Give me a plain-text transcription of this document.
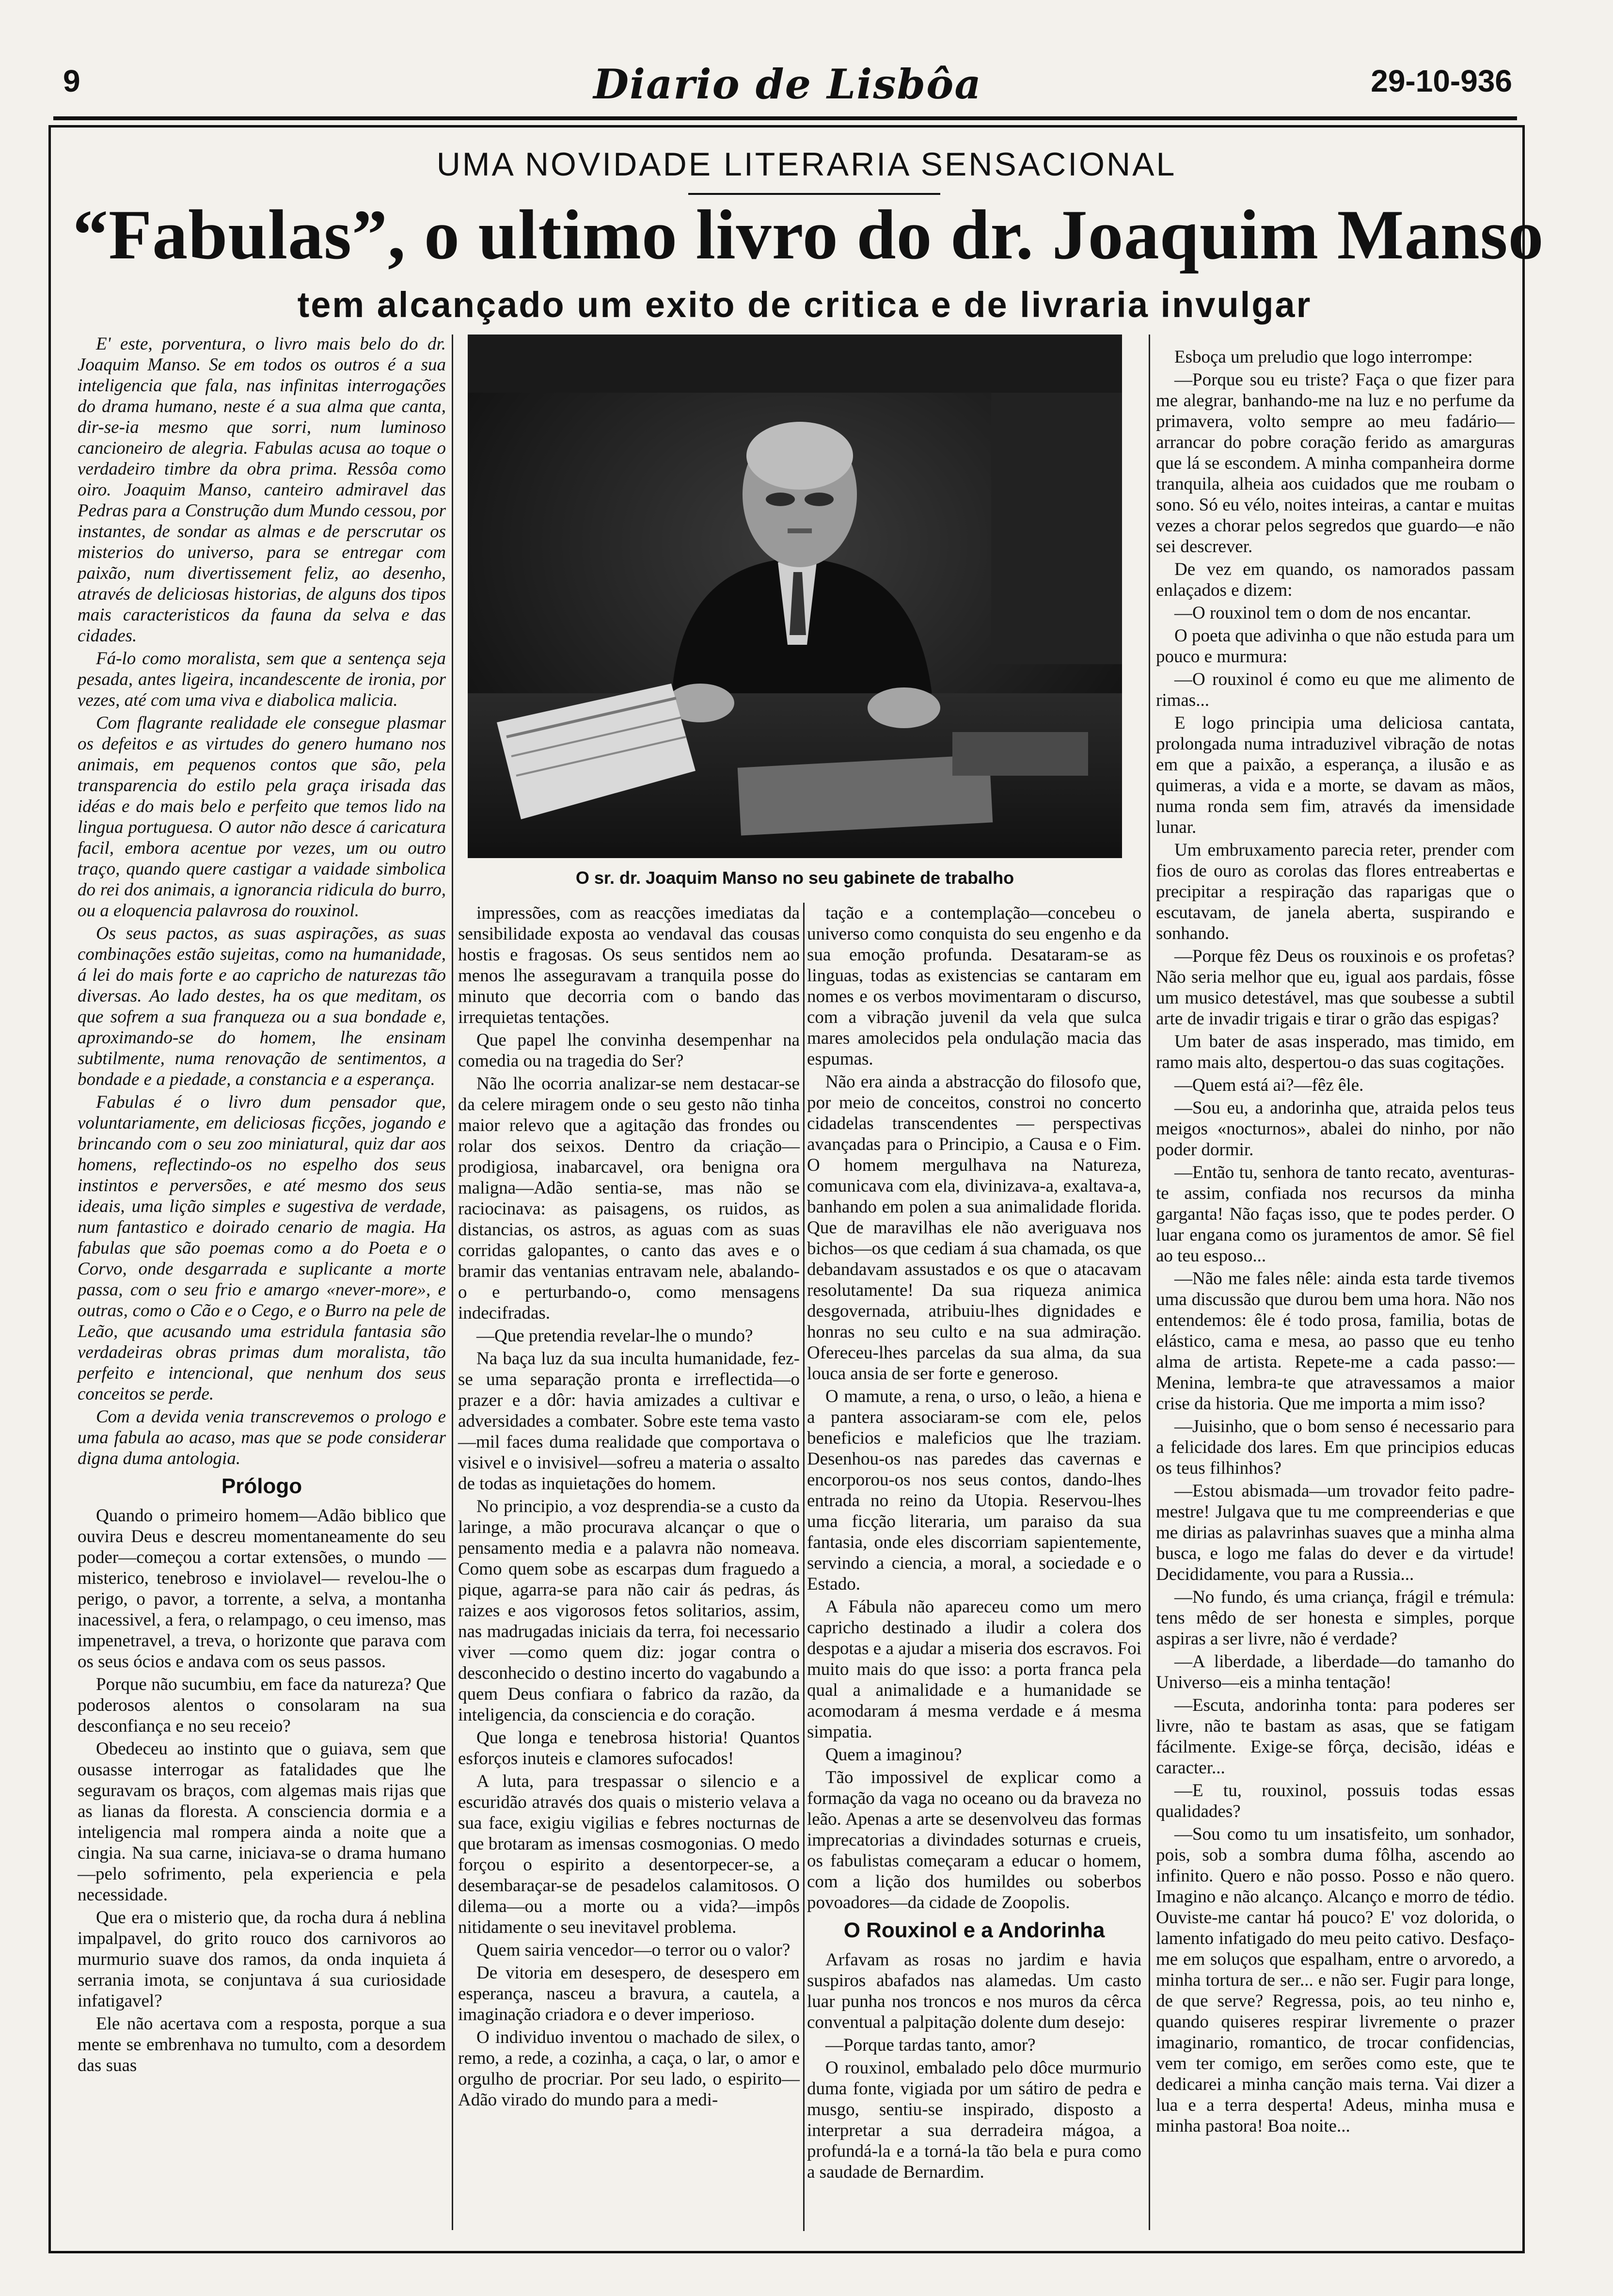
9	Diario de Lisbôa	29-10-936
UMA NOVIDADE LITERARIA SENSACIONAL
“Fabulas”, o ultimo livro do dr. Joaquim Manso
tem alcançado um exito de critica e de livraria invulgar
O sr. dr. Joaquim Manso no seu gabinete de trabalho

E' este, porventura, o livro mais belo do dr. Joaquim Manso. Se em todos os outros é a sua inteligencia que fala, nas infinitas interrogações do drama humano, neste é a sua alma que canta, dir-se-ia mesmo que sorri, num luminoso cancioneiro de alegria. Fabulas acusa ao toque o verdadeiro timbre da obra prima. Ressôa como oiro. Joaquim Manso, canteiro admiravel das Pedras para a Construção dum Mundo cessou, por instantes, de sondar as almas e de perscrutar os misterios do universo, para se entregar com paixão, num divertissement feliz, ao desenho, através de deliciosas historias, de alguns dos tipos mais caracteristicos da fauna da selva e das cidades.

Fá-lo como moralista, sem que a sentença seja pesada, antes ligeira, incandescente de ironia, por vezes, até com uma viva e diabolica malicia.

Com flagrante realidade ele consegue plasmar os defeitos e as virtudes do genero humano nos animais, em pequenos contos que são, pela transparencia do estilo pela graça irisada das idéas e do mais belo e perfeito que temos lido na lingua portuguesa. O autor não desce á caricatura facil, embora acentue por vezes, um ou outro traço, quando quere castigar a vaidade simbolica do rei dos animais, a ignorancia ridicula do burro, ou a eloquencia palavrosa do rouxinol.

Os seus pactos, as suas aspirações, as suas combinações estão sujeitas, como na humanidade, á lei do mais forte e ao capricho de naturezas tão diversas. Ao lado destes, ha os que meditam, os que sofrem a sua franqueza ou a sua bondade e, aproximando-se do homem, lhe ensinam subtilmente, numa renovação de sentimentos, a bondade e a piedade, a constancia e a esperança.

Fabulas é o livro dum pensador que, voluntariamente, em deliciosas ficções, jogando e brincando com o seu zoo miniatural, quiz dar aos homens, reflectindo-os no espelho dos seus instintos e perversões, e até mesmo dos seus ideais, uma lição simples e sugestiva de verdade, num fantastico e doirado cenario de magia. Ha fabulas que são poemas como a do Poeta e o Corvo, onde desgarrada e suplicante a morte passa, com o seu frio e amargo «never-more», e outras, como o Cão e o Cego, e o Burro na pele de Leão, que acusando uma estridula fantasia são verdadeiras obras primas dum moralista, tão perfeito e intencional, que nenhum dos seus conceitos se perde.

Com a devida venia transcrevemos o prologo e uma fabula ao acaso, mas que se pode considerar digna duma antologia.

Prólogo

Quando o primeiro homem—Adão biblico que ouvira Deus e descreu momentaneamente do seu poder—começou a cortar extensões, o mundo —misterico, tenebroso e inviolavel— revelou-lhe o perigo, o pavor, a torrente, a selva, a montanha inacessivel, a fera, o relampago, o ceu imenso, mas impenetravel, a treva, o horizonte que parava com os seus ócios e andava com os seus passos.

Porque não sucumbiu, em face da natureza? Que poderosos alentos o consolaram na sua desconfiança e no seu receio?

Obedeceu ao instinto que o guiava, sem que ousasse interrogar as fatalidades que lhe seguravam os braços, com algemas mais rijas que as lianas da floresta. A consciencia dormia e a inteligencia mal rompera ainda a noite que a cingia. Na sua carne, iniciava-se o drama humano—pelo sofrimento, pela experiencia e pela necessidade.

Que era o misterio que, da rocha dura á neblina impalpavel, do grito rouco dos carnivoros ao murmurio suave dos ramos, da onda inquieta á serrania imota, se conjuntava á sua curiosidade infatigavel?

Ele não acertava com a resposta, porque a sua mente se embrenhava no tumulto, com a desordem das suas

impressões, com as reacções imediatas da sensibilidade exposta ao vendaval das cousas hostis e fragosas. Os seus sentidos nem ao menos lhe asseguravam a tranquila posse do minuto que decorria com o bando das irrequietas tentações.

Que papel lhe convinha desempenhar na comedia ou na tragedia do Ser?

Não lhe ocorria analizar-se nem destacar-se da celere miragem onde o seu gesto não tinha maior relevo que a agitação das frondes ou rolar dos seixos. Dentro da criação—prodigiosa, inabarcavel, ora benigna ora maligna—Adão sentia-se, mas não se raciocinava: as paisagens, os ruidos, as distancias, os astros, as aguas com as suas corridas galopantes, o canto das aves e o bramir das ventanias entravam nele, abalando-o e perturbando-o, como mensagens indecifradas.

—Que pretendia revelar-lhe o mundo?

Na baça luz da sua inculta humanidade, fez-se uma separação pronta e irreflectida—o prazer e a dôr: havia amizades a cultivar e adversidades a combater. Sobre este tema vasto—mil faces duma realidade que comportava o visivel e o invisivel—sofreu a materia o assalto de todas as inquietações do homem.

No principio, a voz desprendia-se a custo da laringe, a mão procurava alcançar o que o pensamento media e a palavra não nomeava. Como quem sobe as escarpas dum fraguedo a pique, agarra-se para não cair ás pedras, ás raizes e aos vigorosos fetos solitarios, assim, nas madrugadas iniciais da terra, foi necessario viver —como quem diz: jogar contra o desconhecido o destino incerto do vagabundo a quem Deus confiara o fabrico da razão, da inteligencia, da consciencia e do coração.

Que longa e tenebrosa historia! Quantos esforços inuteis e clamores sufocados!

A luta, para trespassar o silencio e a escuridão através dos quais o misterio velava a sua face, exigiu vigilias e febres nocturnas de que brotaram as imensas cosmogonias. O medo forçou o espirito a desentorpecer-se, a desembaraçar-se de pesadelos calamitosos. O dilema—ou a morte ou a vida?—impôs nitidamente o seu inevitavel problema.

Quem sairia vencedor—o terror ou o valor?

De vitoria em desespero, de desespero em esperança, nasceu a bravura, a cautela, a imaginação criadora e o dever imperioso.

O individuo inventou o machado de silex, o remo, a rede, a cozinha, a caça, o lar, o amor e orgulho de procriar. Por seu lado, o espirito—Adão virado do mundo para a medi-

tação e a contemplação—concebeu o universo como conquista do seu engenho e da sua emoção profunda. Desataram-se as linguas, todas as existencias se cantaram em nomes e os verbos movimentaram o discurso, com a vibração juvenil da vela que sulca mares amolecidos pela ondulação macia das espumas.

Não era ainda a abstracção do filosofo que, por meio de conceitos, constroi no concerto cidadelas transcendentes — perspectivas avançadas para o Principio, a Causa e o Fim. O homem mergulhava na Natureza, comunicava com ela, divinizava-a, exaltava-a, banhando em polen a sua animalidade florida. Que de maravilhas ele não averiguava nos bichos—os que cediam á sua chamada, os que debandavam assustados e os que o atacavam resolutamente! Da sua riqueza animica desgovernada, atribuiu-lhes dignidades e honras no seu culto e na sua admiração. Ofereceu-lhes parcelas da sua alma, da sua louca ansia de ser forte e generoso.

O mamute, a rena, o urso, o leão, a hiena e a pantera associaram-se com ele, pelos beneficios e maleficios que lhe traziam. Desenhou-os nas paredes das cavernas e encorporou-os nos seus contos, dando-lhes entrada no reino da Utopia. Reservou-lhes uma ficção literaria, um paraiso da sua fantasia, onde eles discorriam sapientemente, servindo a ciencia, a moral, a sociedade e o Estado.

A Fábula não apareceu como um mero capricho destinado a iludir a colera dos despotas e a ajudar a miseria dos escravos. Foi muito mais do que isso: a porta franca pela qual a animalidade e a humanidade se acomodaram á mesma verdade e á mesma simpatia.

Quem a imaginou?

Tão impossivel de explicar como a formação da vaga no oceano ou da braveza no leão. Apenas a arte se desenvolveu das formas imprecatorias a divindades soturnas e crueis, os fabulistas começaram a educar o homem, com a lição dos humildes ou soberbos povoadores—da cidade de Zoopolis.

O Rouxinol e a Andorinha

Arfavam as rosas no jardim e havia suspiros abafados nas alamedas. Um casto luar punha nos troncos e nos muros da cêrca conventual a palpitação dolente dum desejo:

—Porque tardas tanto, amor?

O rouxinol, embalado pelo dôce murmurio duma fonte, vigiada por um sátiro de pedra e musgo, sentiu-se inspirado, disposto a interpretar a sua derradeira mágoa, a profundá-la e a torná-la tão bela e pura como a saudade de Bernardim.

Esboça um preludio que logo interrompe:

—Porque sou eu triste? Faça o que fizer para me alegrar, banhando-me na luz e no perfume da primavera, volto sempre ao meu fadário—arrancar do pobre coração ferido as amarguras que lá se escondem. A minha companheira dorme tranquila, alheia aos cuidados que me roubam o sono. Só eu vélo, noites inteiras, a cantar e muitas vezes a chorar pelos segredos que guardo—e não sei descrever.

De vez em quando, os namorados passam enlaçados e dizem:

—O rouxinol tem o dom de nos encantar.

O poeta que adivinha o que não estuda para um pouco e murmura:

—O rouxinol é como eu que me alimento de rimas...

E logo principia uma deliciosa cantata, prolongada numa intraduzivel vibração de notas em que a paixão, a esperança, a ilusão e as quimeras, a vida e a morte, se davam as mãos, numa ronda sem fim, através da imensidade lunar.

Um embruxamento parecia reter, prender com fios de ouro as corolas das flores entreabertas e precipitar a respiração das raparigas que o escutavam, de janela aberta, suspirando e sonhando.

—Porque fêz Deus os rouxinois e os profetas? Não seria melhor que eu, igual aos pardais, fôsse um musico detestável, mas que soubesse a subtil arte de invadir trigais e tirar o grão das espigas?

Um bater de asas insperado, mas timido, em ramo mais alto, despertou-o das suas cogitações.

—Quem está ai?—fêz êle.

—Sou eu, a andorinha que, atraida pelos teus meigos «nocturnos», abalei do ninho, por não poder dormir.

—Então tu, senhora de tanto recato, aventuras-te assim, confiada nos recursos da minha garganta! Não faças isso, que te podes perder. O luar engana como os juramentos de amor. Sê fiel ao teu esposo...

—Não me fales nêle: ainda esta tarde tivemos uma discussão que durou bem uma hora. Não nos entendemos: êle é todo prosa, familia, botas de elástico, cama e mesa, ao passo que eu tenho alma de artista. Repete-me a cada passo:—Menina, lembra-te que atravessamos a maior crise da historia. Que me importa a mim isso?

—Juisinho, que o bom senso é necessario para a felicidade dos lares. Em que principios educas os teus filhinhos?

—Estou abismada—um trovador feito padre-mestre! Julgava que tu me compreenderias e que me dirias as palavrinhas suaves que a minha alma busca, e logo me falas do dever e da virtude! Decididamente, vou para a Russia...

—No fundo, és uma criança, frágil e trémula: tens mêdo de ser honesta e simples, porque aspiras a ser livre, não é verdade?

—A liberdade, a liberdade—do tamanho do Universo—eis a minha tentação!

—Escuta, andorinha tonta: para poderes ser livre, não te bastam as asas, que se fatigam fácilmente. Exige-se fôrça, decisão, idéas e caracter...

—E tu, rouxinol, possuis todas essas qualidades?

—Sou como tu um insatisfeito, um sonhador, pois, sob a sombra duma fôlha, ascendo ao infinito. Quero e não posso. Posso e não quero. Imagino e não alcanço. Alcanço e morro de tédio. Ouviste-me cantar há pouco? E' voz dolorida, o lamento infatigado do meu peito cativo. Desfaço-me em soluços que espalham, entre o arvoredo, a minha tortura de ser... e não ser. Fugir para longe, de que serve? Regressa, pois, ao teu ninho e, quando quiseres respirar livremente o prazer imaginario, romantico, de trocar confidencias, vem ter comigo, em serões como este, que te dedicarei a minha canção mais terna. Vai dizer a lua e a terra desperta! Adeus, minha musa e minha pastora! Boa noite...
